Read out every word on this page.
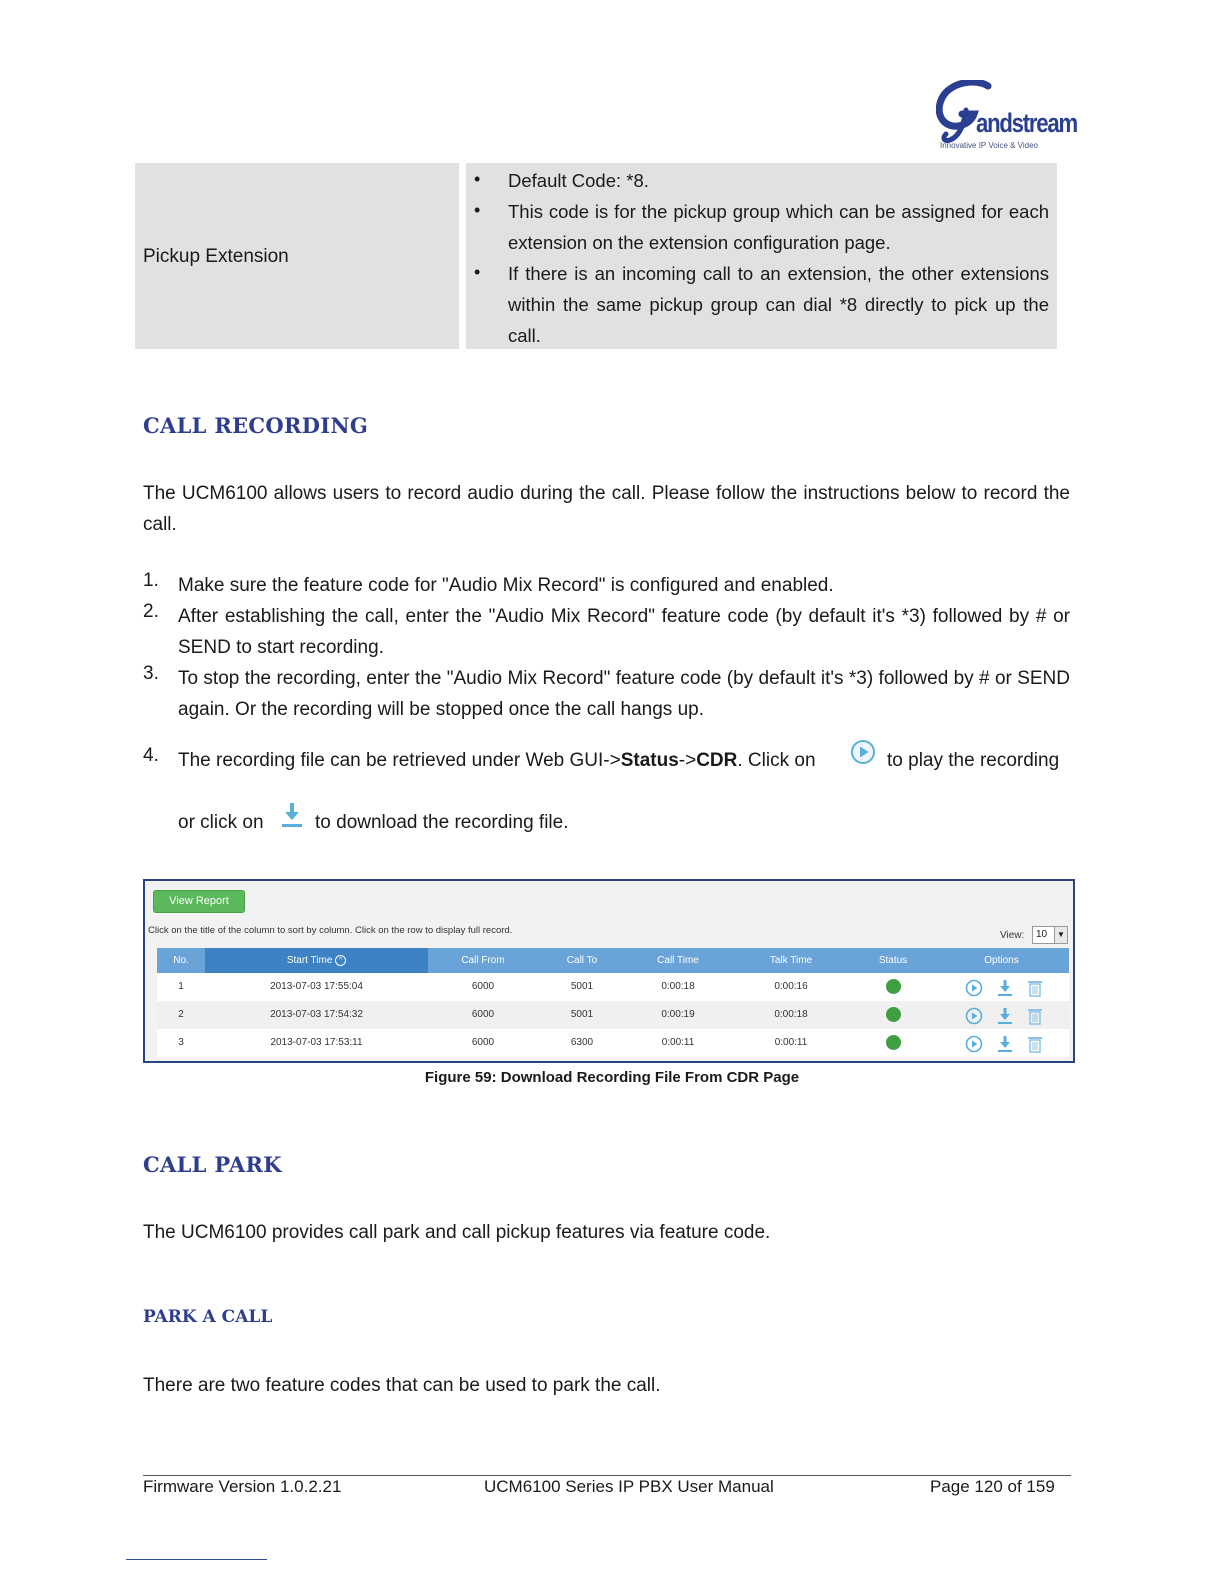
andstream
Innovative IP Voice & Video
Pickup Extension
• Default Code: *8.
• This code is for the pickup group which can be assigned for each extension on the extension configuration page.
• If there is an incoming call to an extension, the other extensions within the same pickup group can dial *8 directly to pick up the call.
CALL RECORDING
The UCM6100 allows users to record audio during the call. Please follow the instructions below to record the call.
1. Make sure the feature code for "Audio Mix Record" is configured and enabled.
2. After establishing the call, enter the "Audio Mix Record" feature code (by default it's *3) followed by # or SEND to start recording.
3. To stop the recording, enter the "Audio Mix Record" feature code (by default it's *3) followed by # or SEND again. Or the recording will be stopped once the call hangs up.
4. The recording file can be retrieved under Web GUI->Status->CDR. Click on	to play the recording
or click on	to download the recording file.
View Report
Click on the title of the column to sort by column. Click on the row to display full record.	View: 10	▼
No.	Start Time ^	Call From	Call To	Call Time	Talk Time	Status	Options
1	2013-07-03 17:55:04	6000	5001	0:00:18	0:00:16
2	2013-07-03 17:54:32	6000	5001	0:00:19	0:00:18
3	2013-07-03 17:53:11	6000	6300	0:00:11	0:00:11
Figure 59: Download Recording File From CDR Page
CALL PARK
The UCM6100 provides call park and call pickup features via feature code.
PARK A CALL
There are two feature codes that can be used to park the call.
Firmware Version 1.0.2.21	UCM6100 Series IP PBX User Manual	Page 120 of 159
